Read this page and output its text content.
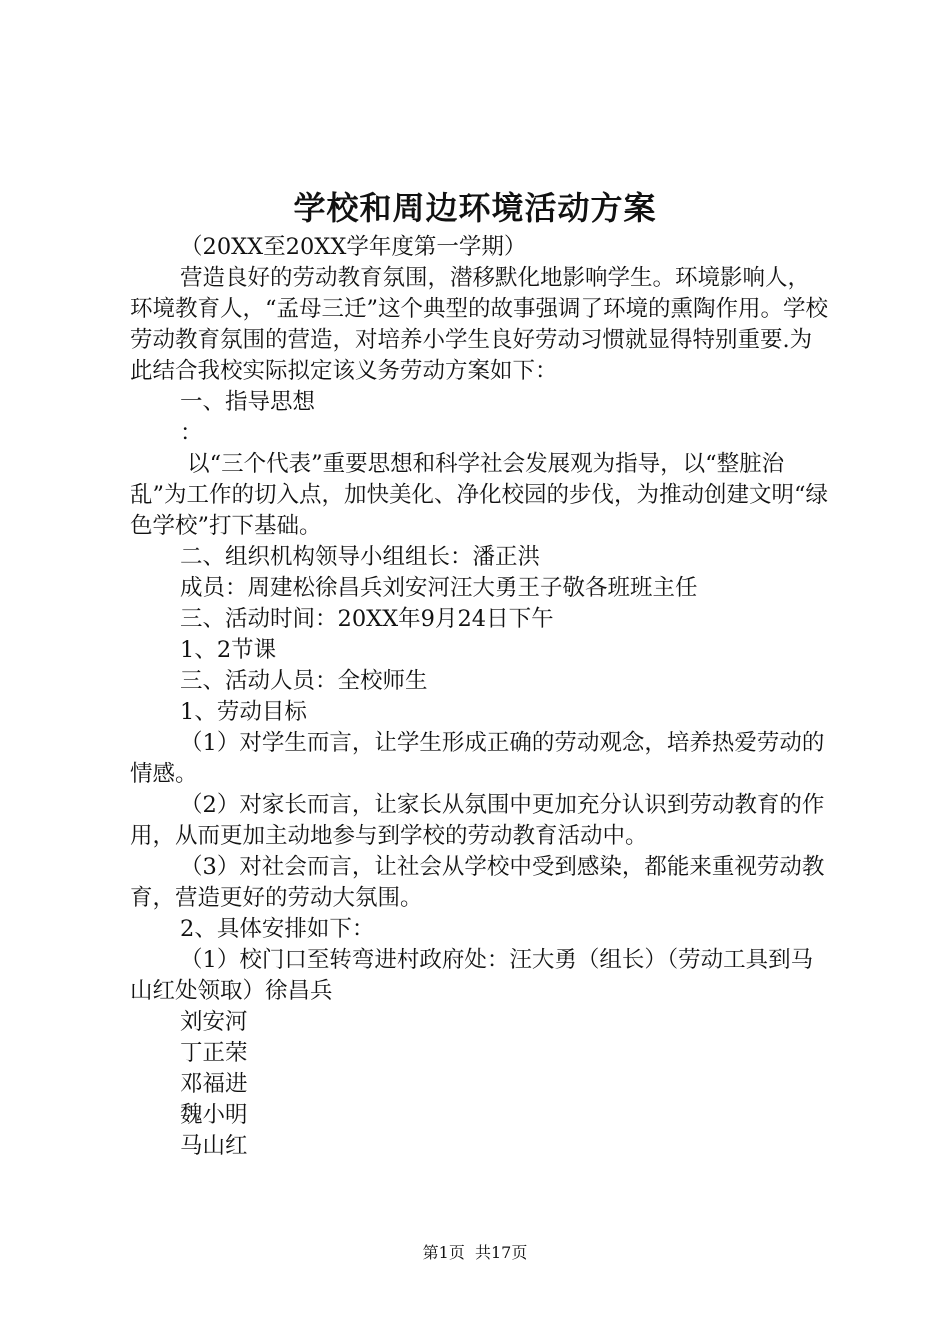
学校和周边环境活动方案

（20XX至20XX学年度第一学期）

营造良好的劳动教育氛围，潜移默化地影响学生。环境影响人，环境教育人，“孟母三迁”这个典型的故事强调了环境的熏陶作用。学校劳动教育氛围的营造，对培养小学生良好劳动习惯就显得特别重要.为此结合我校实际拟定该义务劳动方案如下：

一、指导思想

：

以“三个代表”重要思想和科学社会发展观为指导，以“整脏治乱”为工作的切入点，加快美化、净化校园的步伐，为推动创建文明“绿色学校”打下基础。

二、组织机构领导小组组长：潘正洪

成员：周建松徐昌兵刘安河汪大勇王子敬各班班主任

三、活动时间：20XX年9月24日下午

1、2节课

三、活动人员：全校师生

1、劳动目标

（1）对学生而言，让学生形成正确的劳动观念，培养热爱劳动的情感。

（2）对家长而言，让家长从氛围中更加充分认识到劳动教育的作用，从而更加主动地参与到学校的劳动教育活动中。

（3）对社会而言，让社会从学校中受到感染，都能来重视劳动教育，营造更好的劳动大氛围。

2、具体安排如下：

（1）校门口至转弯进村政府处：汪大勇（组长）（劳动工具到马山红处领取）徐昌兵

刘安河

丁正荣

邓福进

魏小明

马山红

第1页  共17页
